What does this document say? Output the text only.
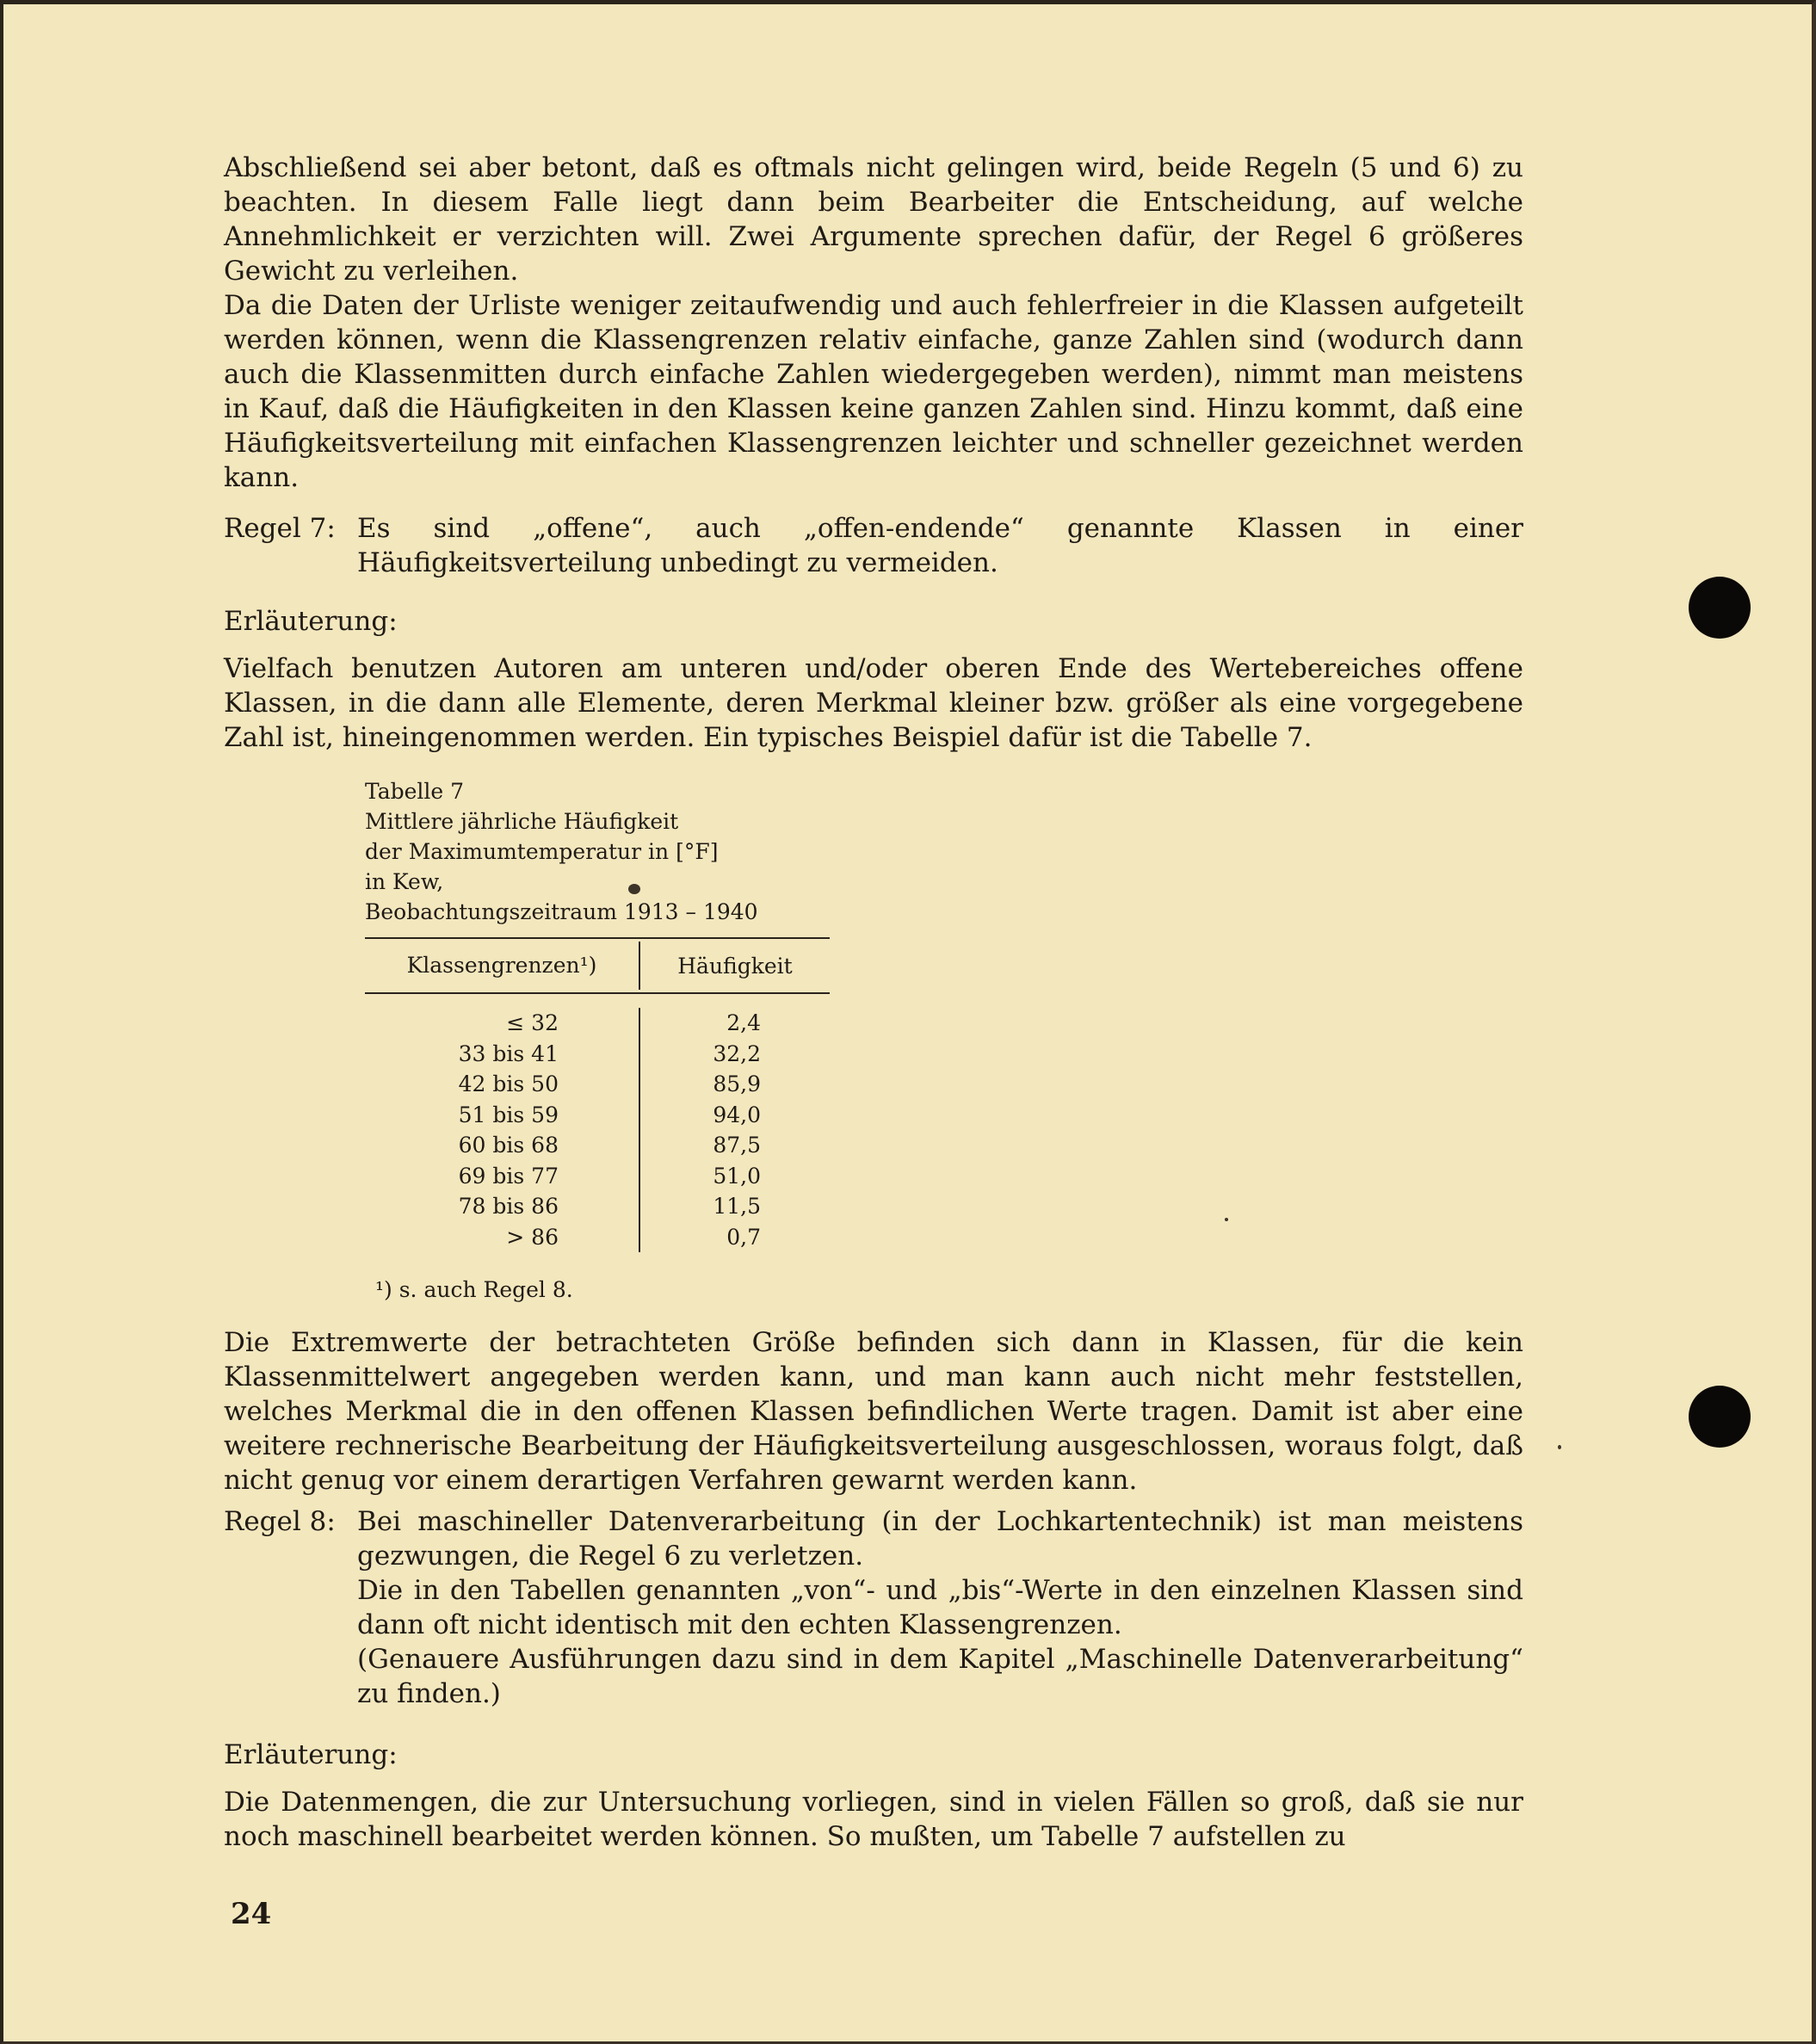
Abschließend sei aber betont, daß es oftmals nicht gelingen wird, beide Regeln (5 und 6) zu beachten. In diesem Falle liegt dann beim Bearbeiter die Entscheidung, auf welche Annehmlichkeit er verzichten will. Zwei Argumente sprechen dafür, der Regel 6 größeres Gewicht zu verleihen.

Da die Daten der Urliste weniger zeitaufwendig und auch fehlerfreier in die Klassen aufgeteilt werden können, wenn die Klassengrenzen relativ einfache, ganze Zahlen sind (wodurch dann auch die Klassenmitten durch einfache Zahlen wiedergegeben werden), nimmt man meistens in Kauf, daß die Häufigkeiten in den Klassen keine ganzen Zahlen sind. Hinzu kommt, daß eine Häufigkeitsverteilung mit einfachen Klassengrenzen leichter und schneller gezeichnet werden kann.

Regel 7: Es sind „offene“, auch „offen-endende“ genannte Klassen in einer Häufigkeitsverteilung unbedingt zu vermeiden.

Erläuterung:

Vielfach benutzen Autoren am unteren und/oder oberen Ende des Wertebereiches offene Klassen, in die dann alle Elemente, deren Merkmal kleiner bzw. größer als eine vorgegebene Zahl ist, hineingenommen werden. Ein typisches Beispiel dafür ist die Tabelle 7.

Tabelle 7
Mittlere jährliche Häufigkeit
der Maximumtemperatur in [°F]
in Kew,
Beobachtungszeitraum 1913 – 1940
Klassengrenzen¹)	Häufigkeit
≤ 32
33 bis 41
42 bis 50
51 bis 59
60 bis 68
69 bis 77
78 bis 86
> 86
2,4
32,2
85,9
94,0
87,5
51,0
11,5
0,7
¹) s. auch Regel 8.

Die Extremwerte der betrachteten Größe befinden sich dann in Klassen, für die kein Klassenmittelwert angegeben werden kann, und man kann auch nicht mehr feststellen, welches Merkmal die in den offenen Klassen befindlichen Werte tragen. Damit ist aber eine weitere rechnerische Bearbeitung der Häufigkeitsverteilung ausgeschlossen, woraus folgt, daß nicht genug vor einem derartigen Verfahren gewarnt werden kann.

Regel 8: Bei maschineller Datenverarbeitung (in der Lochkartentechnik) ist man meistens gezwungen, die Regel 6 zu verletzen.

Die in den Tabellen genannten „von“- und „bis“-Werte in den einzelnen Klassen sind dann oft nicht identisch mit den echten Klassengrenzen.

(Genauere Ausführungen dazu sind in dem Kapitel „Maschinelle Datenverarbeitung“ zu finden.)

Erläuterung:

Die Datenmengen, die zur Untersuchung vorliegen, sind in vielen Fällen so groß, daß sie nur noch maschinell bearbeitet werden können. So mußten, um Tabelle 7 aufstellen zu

24
